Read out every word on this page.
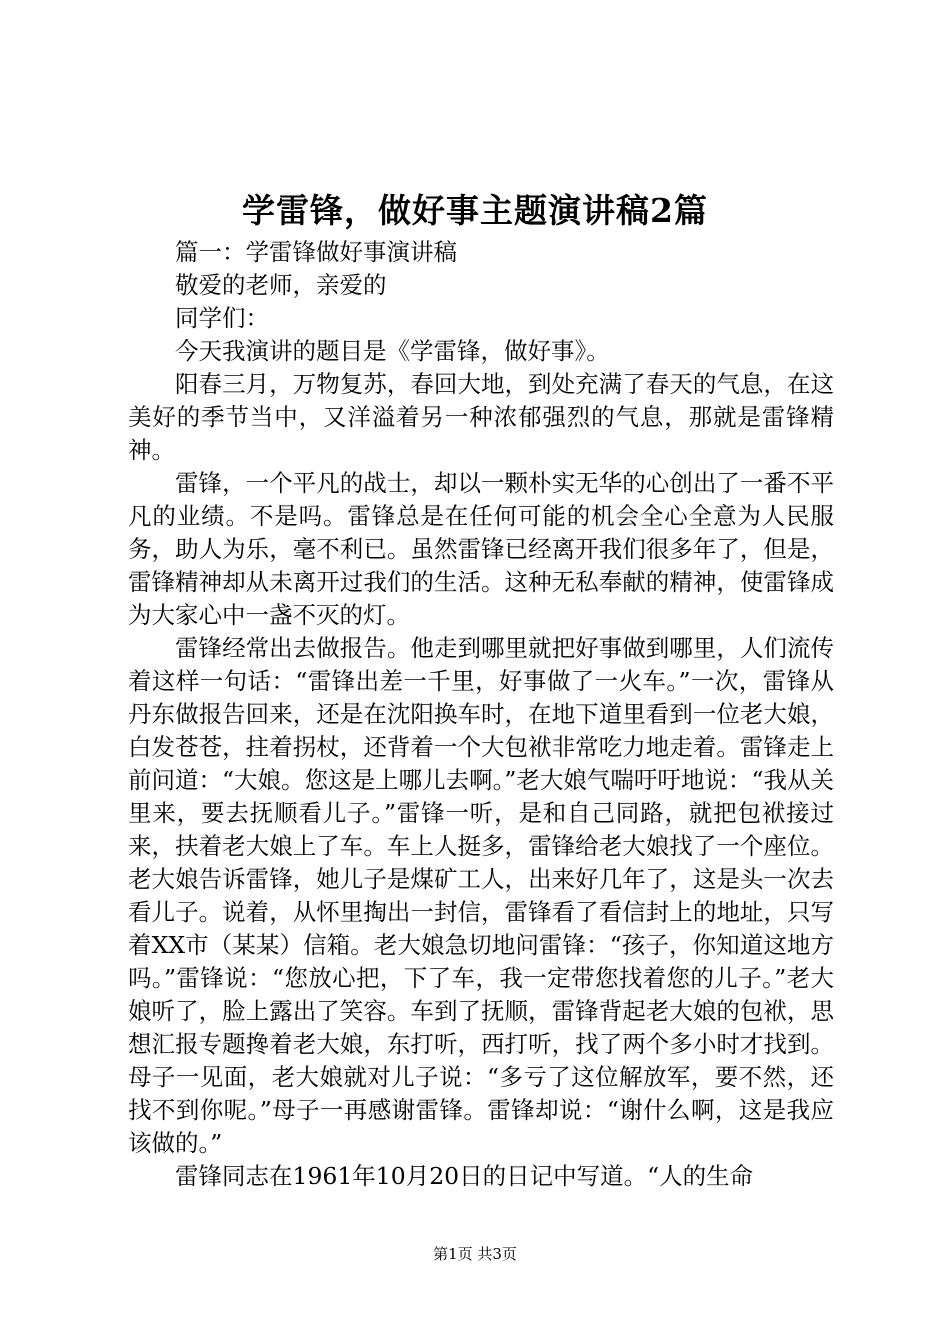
学雷锋，做好事主题演讲稿2篇

篇一：学雷锋做好事演讲稿

敬爱的老师，亲爱的

同学们：

今天我演讲的题目是《学雷锋，做好事》。

阳春三月，万物复苏，春回大地，到处充满了春天的气息，在这美好的季节当中，又洋溢着另一种浓郁强烈的气息，那就是雷锋精神。

雷锋，一个平凡的战士，却以一颗朴实无华的心创出了一番不平凡的业绩。不是吗。雷锋总是在任何可能的机会全心全意为人民服务，助人为乐，毫不利已。虽然雷锋已经离开我们很多年了，但是，雷锋精神却从未离开过我们的生活。这种无私奉献的精神，使雷锋成为大家心中一盏不灭的灯。

雷锋经常出去做报告。他走到哪里就把好事做到哪里，人们流传着这样一句话：“雷锋出差一千里，好事做了一火车。”一次，雷锋从丹东做报告回来，还是在沈阳换车时，在地下道里看到一位老大娘，白发苍苍，拄着拐杖，还背着一个大包袱非常吃力地走着。雷锋走上前问道：“大娘。您这是上哪儿去啊。”老大娘气喘吁吁地说：“我从关里来，要去抚顺看儿子。”雷锋一听，是和自己同路，就把包袱接过来，扶着老大娘上了车。车上人挺多，雷锋给老大娘找了一个座位。老大娘告诉雷锋，她儿子是煤矿工人，出来好几年了，这是头一次去看儿子。说着，从怀里掏出一封信，雷锋看了看信封上的地址，只写着XX市（某某）信箱。老大娘急切地问雷锋：“孩子，你知道这地方吗。”雷锋说：“您放心把，下了车，我一定带您找着您的儿子。”老大娘听了，脸上露出了笑容。车到了抚顺，雷锋背起老大娘的包袱，思想汇报专题搀着老大娘，东打听，西打听，找了两个多小时才找到。母子一见面，老大娘就对儿子说：“多亏了这位解放军，要不然，还找不到你呢。”母子一再感谢雷锋。雷锋却说：“谢什么啊，这是我应该做的。”

雷锋同志在1961年10月20日的日记中写道。“人的生命

第1页 共3页
